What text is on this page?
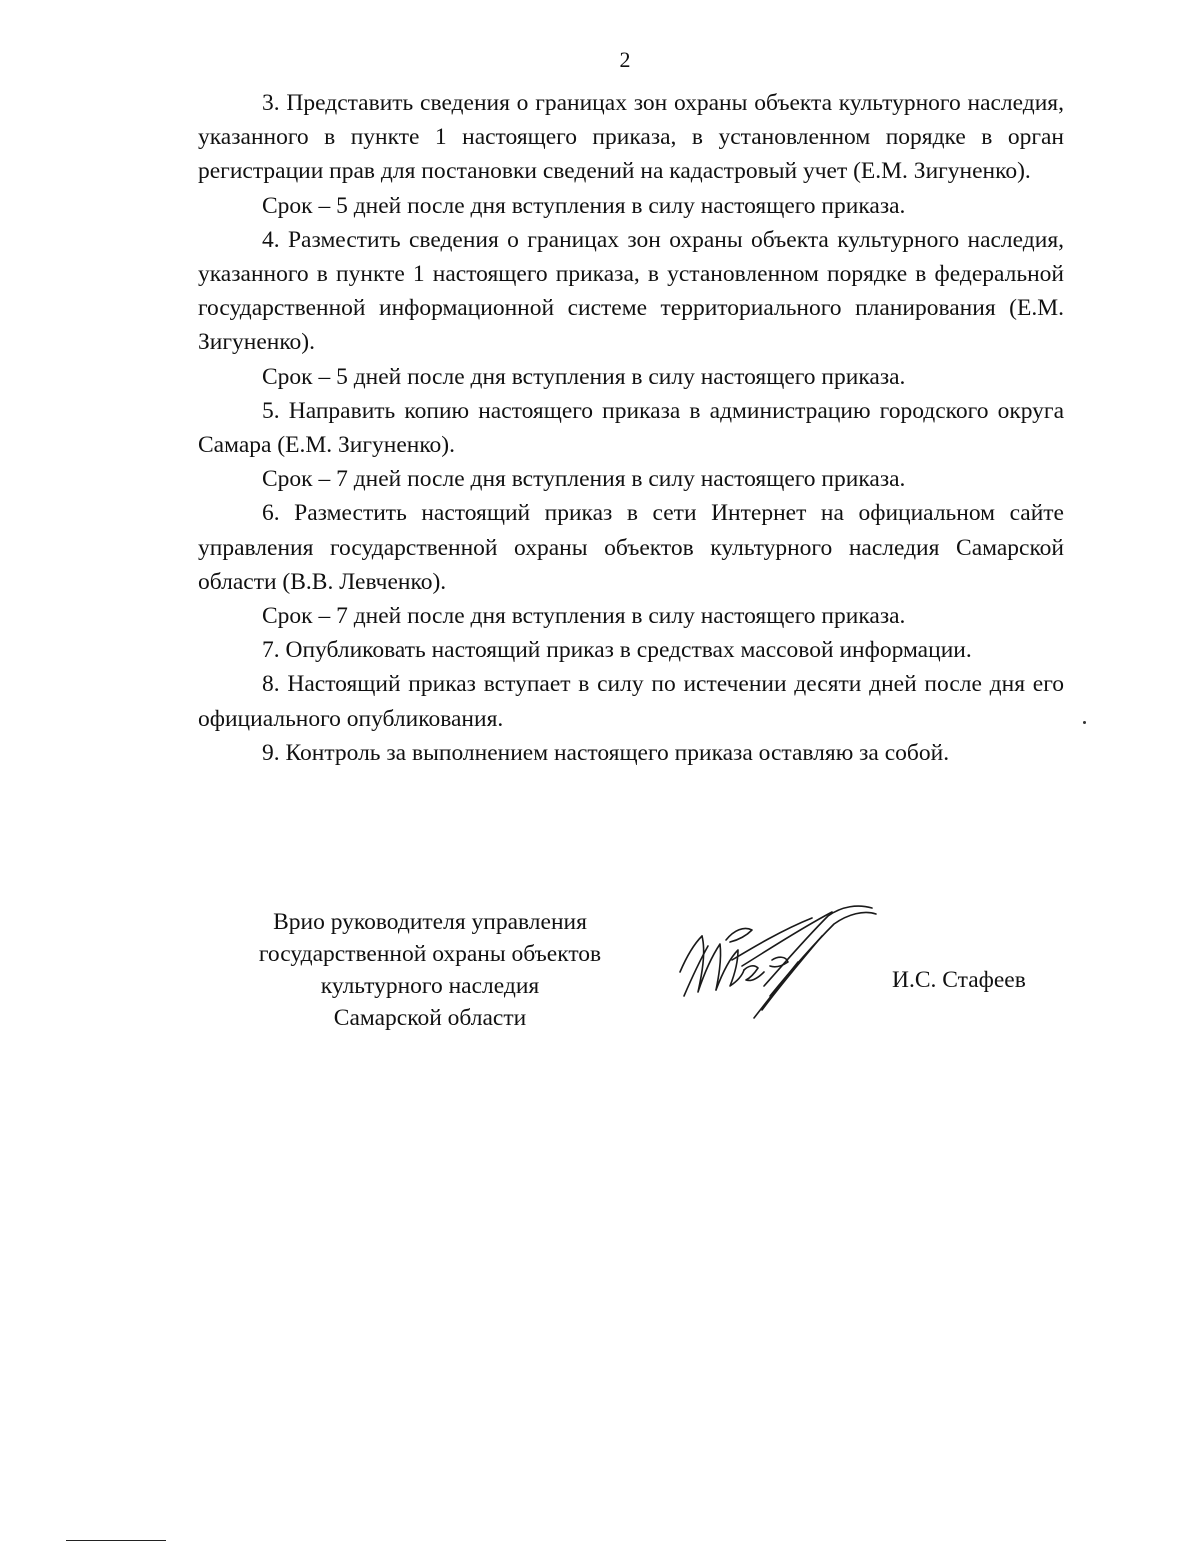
2

3. Представить сведения о границах зон охраны объекта культурного наследия, указанного в пункте 1 настоящего приказа, в установленном порядке в орган регистрации прав для постановки сведений на кадастровый учет (Е.М. Зигуненко).

Срок – 5 дней после дня вступления в силу настоящего приказа.

4. Разместить сведения о границах зон охраны объекта культурного наследия, указанного в пункте 1 настоящего приказа, в установленном порядке в федеральной государственной информационной системе территориального планирования (Е.М. Зигуненко).

Срок – 5 дней после дня вступления в силу настоящего приказа.

5. Направить копию настоящего приказа в администрацию городского округа Самара (Е.М. Зигуненко).

Срок – 7 дней после дня вступления в силу настоящего приказа.

6. Разместить настоящий приказ в сети Интернет на официальном сайте управления государственной охраны объектов культурного наследия Самарской области (В.В. Левченко).

Срок – 7 дней после дня вступления в силу настоящего приказа.

7. Опубликовать настоящий приказ в средствах массовой информации.

8. Настоящий приказ вступает в силу по истечении десяти дней после дня его официального опубликования.

9. Контроль за выполнением настоящего приказа оставляю за собой.

Врио руководителя управления
государственной охраны объектов
культурного наследия
Самарской области
И.С. Стафеев
